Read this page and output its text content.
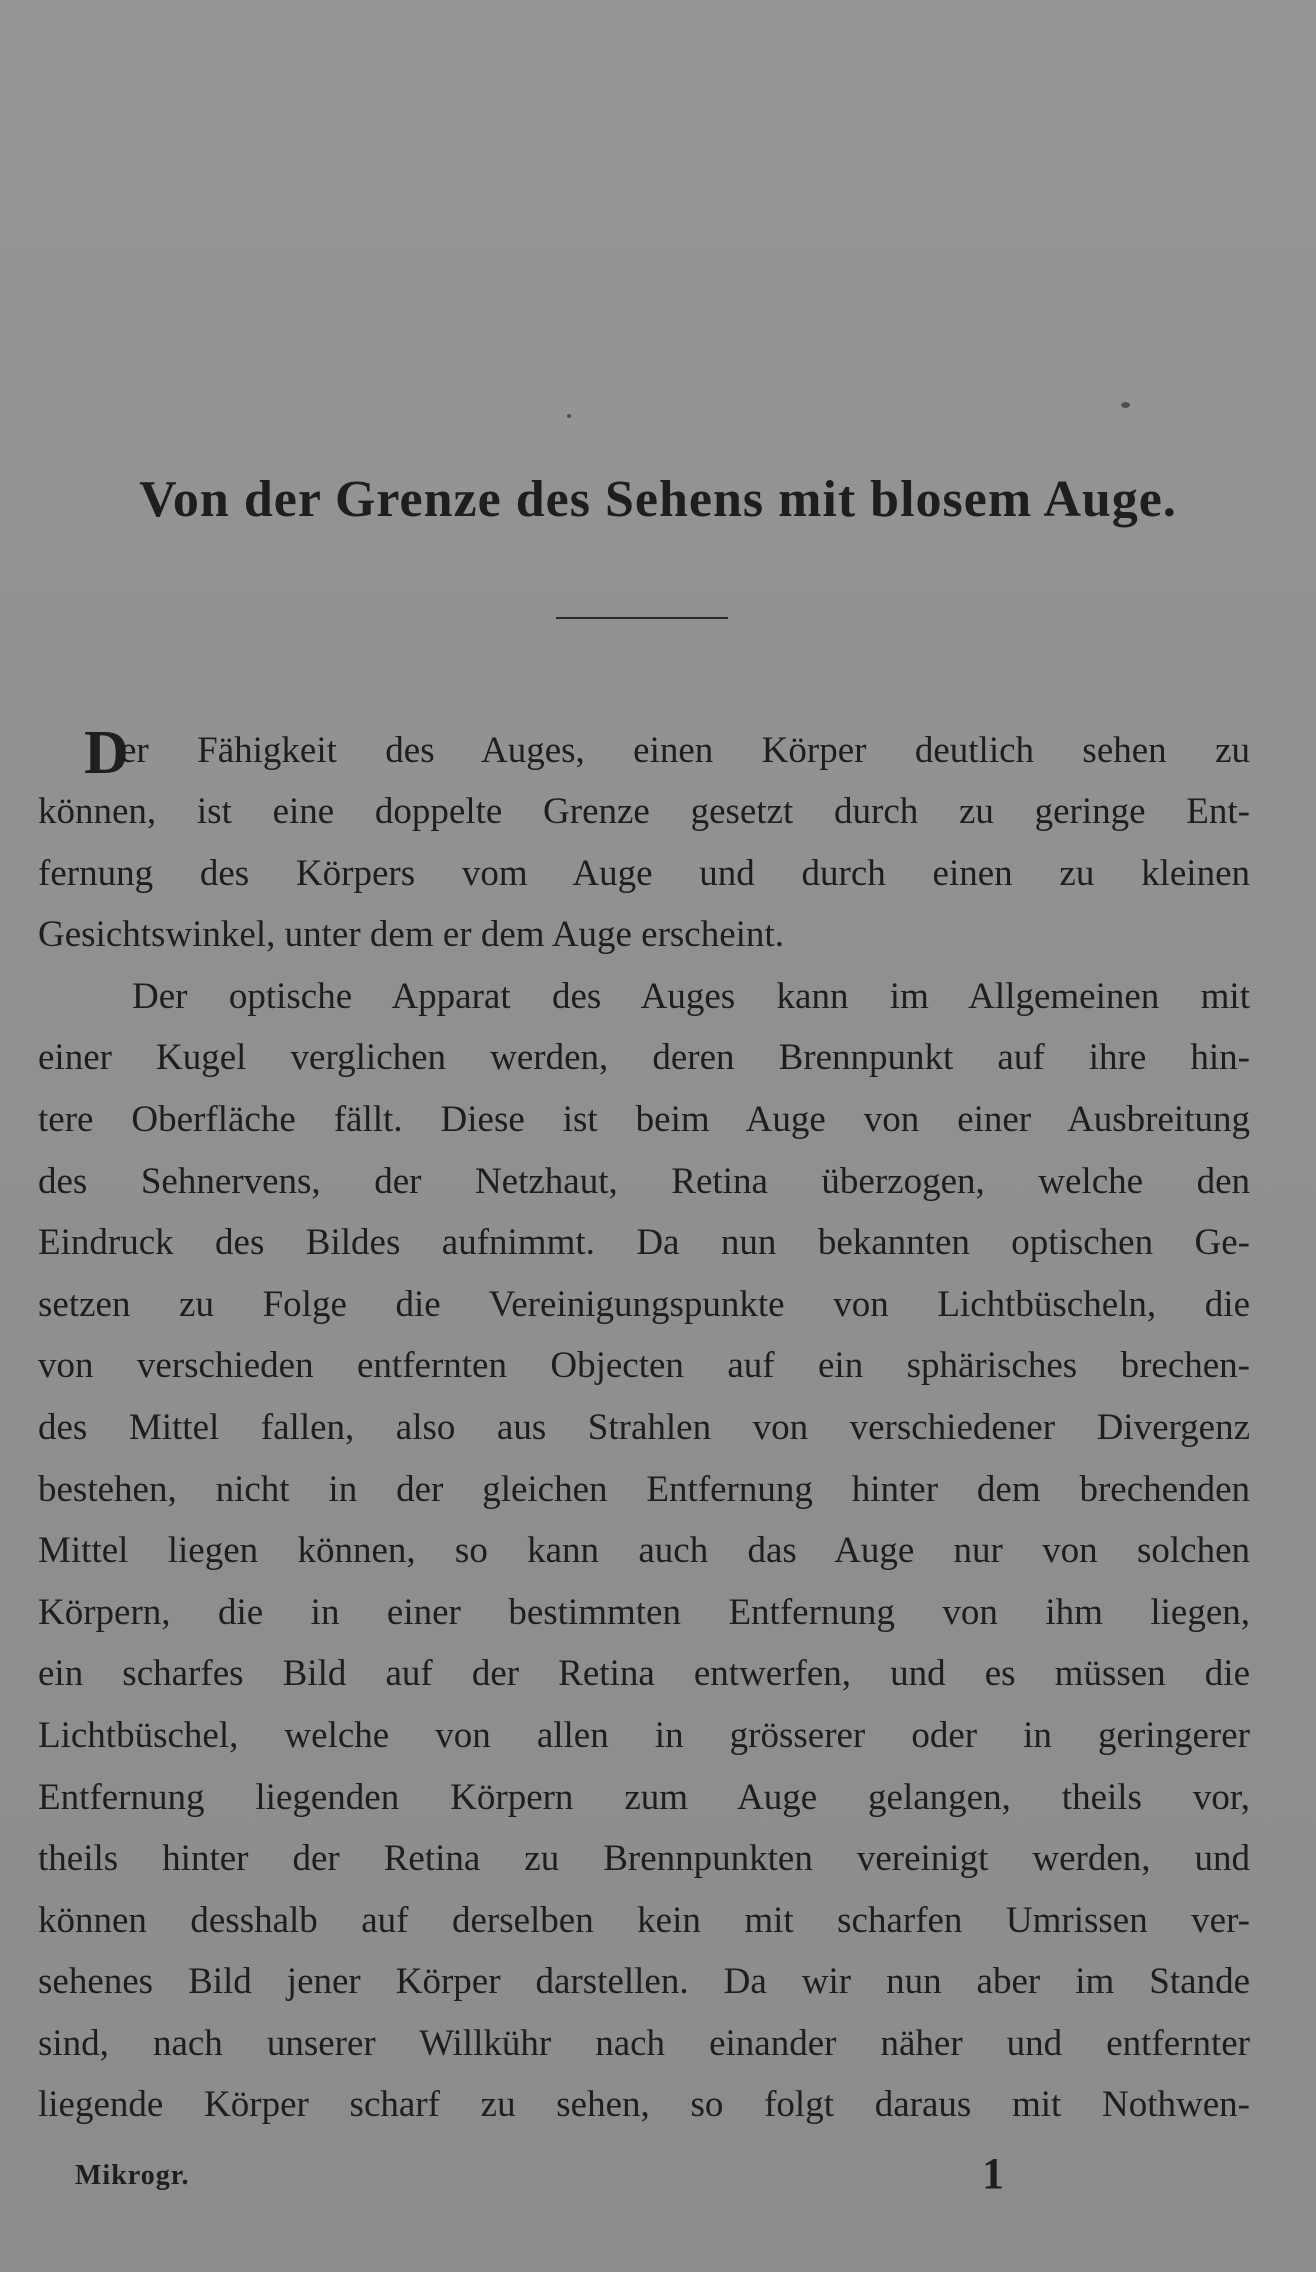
Von der Grenze des Sehens mit blosem Auge.
D
er Fähigkeit des Auges, einen Körper deutlich sehen zu
können, ist eine doppelte Grenze gesetzt durch zu geringe Ent-
fernung des Körpers vom Auge und durch einen zu kleinen
Gesichtswinkel, unter dem er dem Auge erscheint.
Der optische Apparat des Auges kann im Allgemeinen mit
einer Kugel verglichen werden, deren Brennpunkt auf ihre hin-
tere Oberfläche fällt. Diese ist beim Auge von einer Ausbreitung
des Sehnervens, der Netzhaut, Retina überzogen, welche den
Eindruck des Bildes aufnimmt. Da nun bekannten optischen Ge-
setzen zu Folge die Vereinigungspunkte von Lichtbüscheln, die
von verschieden entfernten Objecten auf ein sphärisches brechen-
des Mittel fallen, also aus Strahlen von verschiedener Divergenz
bestehen, nicht in der gleichen Entfernung hinter dem brechenden
Mittel liegen können, so kann auch das Auge nur von solchen
Körpern, die in einer bestimmten Entfernung von ihm liegen,
ein scharfes Bild auf der Retina entwerfen, und es müssen die
Lichtbüschel, welche von allen in grösserer oder in geringerer
Entfernung liegenden Körpern zum Auge gelangen, theils vor,
theils hinter der Retina zu Brennpunkten vereinigt werden, und
können desshalb auf derselben kein mit scharfen Umrissen ver-
sehenes Bild jener Körper darstellen. Da wir nun aber im Stande
sind, nach unserer Willkühr nach einander näher und entfernter
liegende Körper scharf zu sehen, so folgt daraus mit Nothwen-
Mikrogr.	1
